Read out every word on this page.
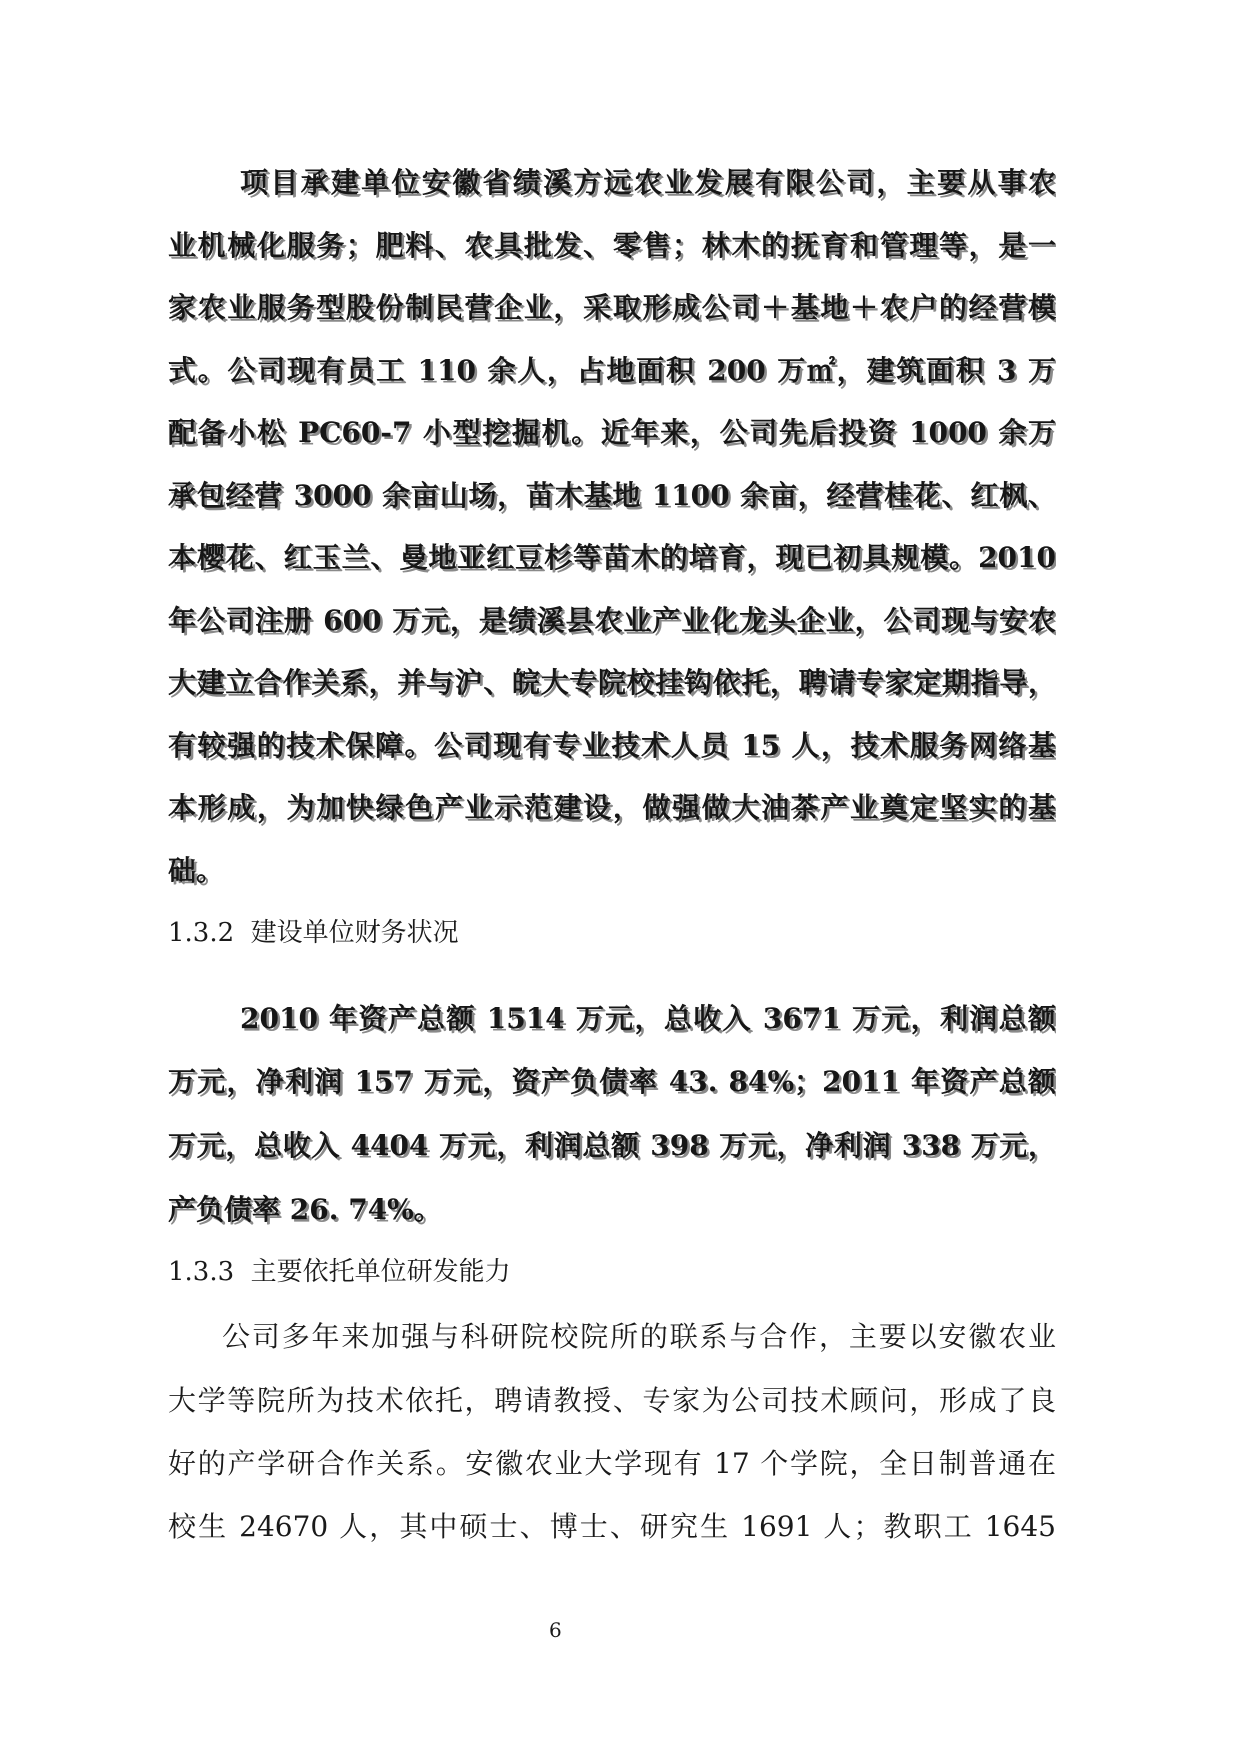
项目承建单位安徽省绩溪方远农业发展有限公司，主要从事农
业机械化服务；肥料、农具批发、零售；林木的抚育和管理等，是一
家农业服务型股份制民营企业，采取形成公司＋基地＋农户的经营模
式。公司现有员工 110 余人，占地面积 200 万㎡，建筑面积 3 万
配备小松 PC60-7 小型挖掘机。近年来，公司先后投资 1000 余万
承包经营 3000 余亩山场，苗木基地 1100 余亩，经营桂花、红枫、
本樱花、红玉兰、曼地亚红豆杉等苗木的培育，现已初具规模。2010
年公司注册 600 万元，是绩溪县农业产业化龙头企业，公司现与安农
大建立合作关系，并与沪、皖大专院校挂钩依托，聘请专家定期指导，
有较强的技术保障。公司现有专业技术人员 15 人，技术服务网络基
本形成，为加快绿色产业示范建设，做强做大油茶产业奠定坚实的基
础。
1.3.2  建设单位财务状况
2010 年资产总额 1514 万元，总收入 3671 万元，利润总额
万元，净利润 157 万元，资产负债率 43. 84%；2011 年资产总额
万元，总收入 4404 万元，利润总额 398 万元，净利润 338 万元，
产负债率 26. 74%。
1.3.3  主要依托单位研发能力
公司多年来加强与科研院校院所的联系与合作，主要以安徽农业
大学等院所为技术依托，聘请教授、专家为公司技术顾问，形成了良
好的产学研合作关系。安徽农业大学现有 17 个学院，全日制普通在
校生 24670 人，其中硕士、博士、研究生 1691 人；教职工 1645
6
